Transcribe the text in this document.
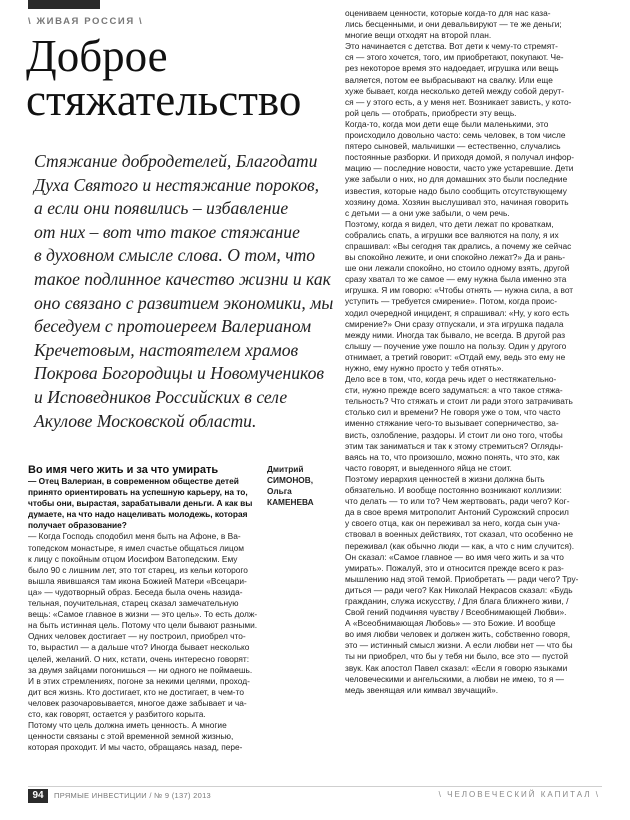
\ ЖИВАЯ РОССИЯ \
Доброе
стяжательство
Стяжание добродетелей, Благодати
Духа Святого и нестяжание пороков,
а если они появились – избавление
от них – вот что такое стяжание
в духовном смысле слова. О том, что
такое подлинное качество жизни и как
оно связано с развитием экономики, мы
беседуем с протоиереем Валерианом
Кречетовым, настоятелем храмов
Покрова Богородицы и Новомучеников
и Исповедников Российских в селе
Акулове Московской области.
Во имя чего жить и за что умирать	Дмитрий
СИМОНОВ,
Ольга
КАМЕНЕВА

— Отец Валериан, в современном обществе детей

принято ориентировать на успешную карьеру, на то,

чтобы они, вырастая, зарабатывали деньги. А как вы

думаете, на что надо нацеливать молодежь, которая

получает образование?

— Когда Господь сподобил меня быть на Афоне, в Ва-

топедском монастыре, я имел счастье общаться лицом

к лицу с покойным отцом Иосифом Ватопедским. Ему

было 90 с лишним лет, это тот старец, из кельи которого

вышла явившаяся там икона Божией Матери «Всецари-

ца» — чудотворный образ. Беседа была очень назида-

тельная, поучительная, старец сказал замечательную

вещь: «Самое главное в жизни — это цель». То есть долж-

на быть истинная цель. Потому что цели бывают разными.

Одних человек достигает — ну построил, приобрел что-

то, вырастил — а дальше что? Иногда бывает несколько

целей, желаний. О них, кстати, очень интересно говорят:

за двумя зайцами погонишься — ни одного не поймаешь.

И в этих стремлениях, погоне за некими целями, проход-

дит вся жизнь. Кто достигает, кто не достигает, в чем-то

человек разочаровывается, многое даже забывает и ча-

сто, как говорят, остается у разбитого корыта.

Потому что цель должна иметь ценность. А многие

ценности связаны с этой временной земной жизнью,

которая проходит. И мы часто, обращаясь назад, пере-

оцениваем ценности, которые когда-то для нас каза-

лись бесценными, и они девальвируют — те же деньги;

многие вещи отходят на второй план.

Это начинается с детства. Вот дети к чему-то стремят-

ся — этого хочется, того, им приобретают, покупают. Че-

рез некоторое время это надоедает, игрушка или вещь

валяется, потом ее выбрасывают на свалку. Или еще

хуже бывает, когда несколько детей между собой дерут-

ся — у этого есть, а у меня нет. Возникает зависть, у кото-

рой цель — отобрать, приобрести эту вещь.

Когда-то, когда мои дети еще были маленькими, это

происходило довольно часто: семь человек, в том числе

пятеро сыновей, мальчишки — естественно, случались

постоянные разборки. И приходя домой, я получал инфор-

мацию — последние новости, часто уже устаревшие. Дети

уже забыли о них, но для домашних это были последние

известия, которые надо было сообщить отсутствующему

хозяину дома. Хозяин выслушивал это, начиная говорить

с детьми — а они уже забыли, о чем речь.

Поэтому, когда я видел, что дети лежат по кроваткам,

собрались спать, а игрушки все валяются на полу, я их

спрашивал: «Вы сегодня так дрались, а почему же сейчас

вы спокойно лежите, и они спокойно лежат?» Да и рань-

ше они лежали спокойно, но стоило одному взять, другой

сразу хватал то же самое — ему нужна была именно эта

игрушка. Я им говорю: «Чтобы отнять — нужна сила, а вот

уступить — требуется смирение». Потом, когда проис-

ходил очередной инцидент, я спрашивал: «Ну, у кого есть

смирение?» Они сразу отпускали, и эта игрушка падала

между ними. Иногда так бывало, не всегда. В другой раз

слышу — поучение уже пошло на пользу. Один у другого

отнимает, а третий говорит: «Отдай ему, ведь это ему не

нужно, ему нужно просто у тебя отнять».

Дело все в том, что, когда речь идет о нестяжательно-

сти, нужно прежде всего задуматься: а что такое стяжа-

тельность? Что стяжать и стоит ли ради этого затрачивать

столько сил и времени? Не говоря уже о том, что часто

именно стяжание чего-то вызывает соперничество, за-

висть, озлобление, раздоры. И стоит ли оно того, чтобы

этим так заниматься и так к этому стремиться? Огляды-

ваясь на то, что произошло, можно понять, что это, как

часто говорят, и выеденного яйца не стоит.

Поэтому иерархия ценностей в жизни должна быть

обязательно. И вообще постоянно возникают коллизии:

что делать — то или то? Чем жертвовать, ради чего? Ког-

да в свое время митрополит Антоний Сурожский спросил

у своего отца, как он переживал за него, когда сын уча-

ствовал в военных действиях, тот сказал, что особенно не

переживал (как обычно люди — как, а что с ним случится).

Он сказал: «Самое главное — во имя чего жить и за что

умирать». Пожалуй, это и относится прежде всего к раз-

мышлению над этой темой. Приобретать — ради чего? Тру-

диться — ради чего? Как Николай Некрасов сказал: «Будь

гражданин, служа искусству, / Для блага ближнего живи, /

Свой гений подчиняя чувству / Всеобнимающей Любви».

А «Всеобнимающая Любовь» — это Божие. И вообще

во имя любви человек и должен жить, собственно говоря,

это — истинный смысл жизни. А если любви нет — что бы

ты ни приобрел, что бы у тебя ни было, все это — пустой

звук. Как апостол Павел сказал: «Если я говорю языками

человеческими и ангельскими, а любви не имею, то я —

медь звенящая или кимвал звучащий».

94	ПРЯМЫЕ ИНВЕСТИЦИИ / № 9 (137) 2013	\ ЧЕЛОВЕЧЕСКИЙ КАПИТАЛ \
